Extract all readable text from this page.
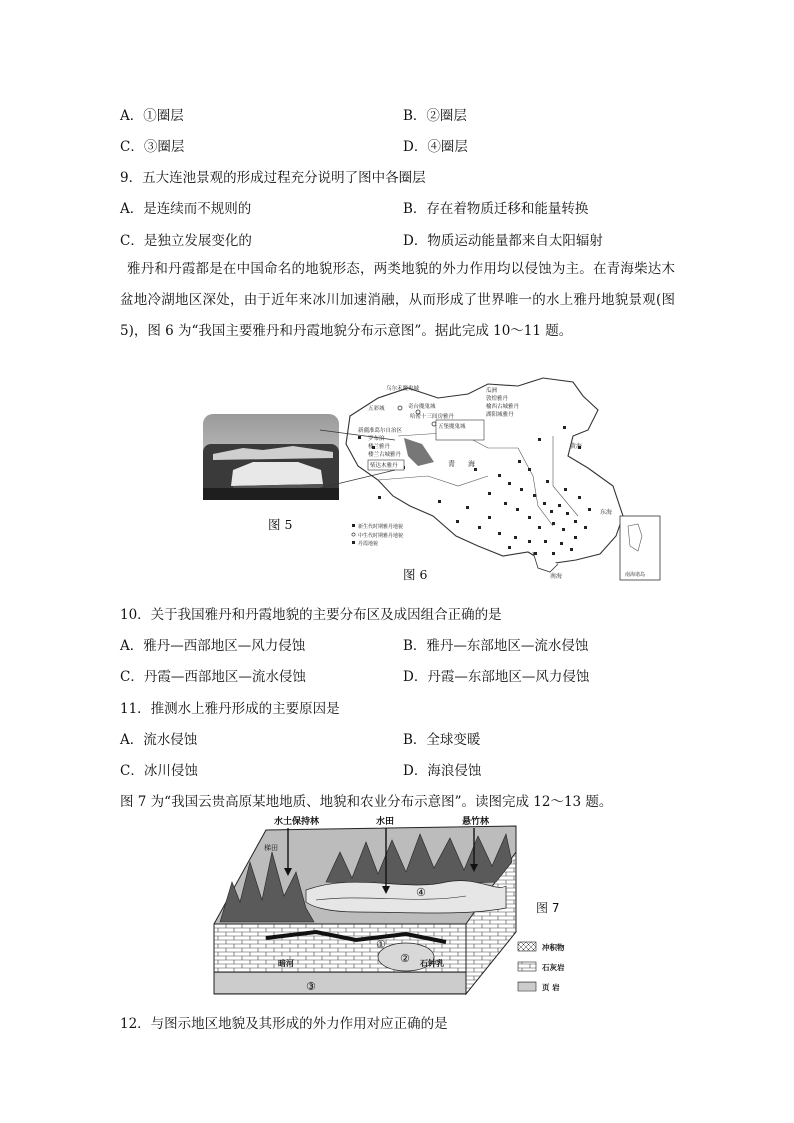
A．①圈层	B．②圈层
C．③圈层	D．④圈层
9．五大连池景观的形成过程充分说明了图中各圈层
A．是连续而不规则的	B．存在着物质迁移和能量转换
C．是独立发展变化的	D．物质运动能量都来自太阳辐射
雅丹和丹霞都是在中国命名的地貌形态，两类地貌的外力作用均以侵蚀为主。在青海柴达木盆地冷湖地区深处，由于近年来冰川加速消融，从而形成了世界唯一的水上雅丹地貌景观(图 5)，图 6 为“我国主要雅丹和丹霞地貌分布示意图”。据此完成 10～11 题。
图 5
乌尔禾魔鬼城
五彩城	奇台魔鬼城
哈密十三间房雅丹
五堡魔鬼城
新疆准葛尔自治区
罗布泊
楼兰雅丹
楼兰古城雅丹
柴达木雅丹	青 海
瓜洲
敦煌雅丹
榆西古城雅丹
湖阳城雅丹
黄海
东海
南海
新生代时期雅丹地貌
中生代时期雅丹地貌
丹霞地貌
南海诸岛
图 6
10．关于我国雅丹和丹霞地貌的主要分布区及成因组合正确的是
A．雅丹—西部地区—风力侵蚀	B．雅丹—东部地区—流水侵蚀
C．丹霞—西部地区—流水侵蚀	D．丹霞—东部地区—风力侵蚀
11．推测水上雅丹形成的主要原因是
A．流水侵蚀	B．全球变暖
C．冰川侵蚀	D．海浪侵蚀
图 7 为“我国云贵高原某地地质、地貌和农业分布示意图”。读图完成 12～13 题。
水土保持林	水田	悬竹林
梯田
④
①
②
③
暗河	石钟乳
图 7
冲积物
石灰岩
页 岩
12．与图示地区地貌及其形成的外力作用对应正确的是
